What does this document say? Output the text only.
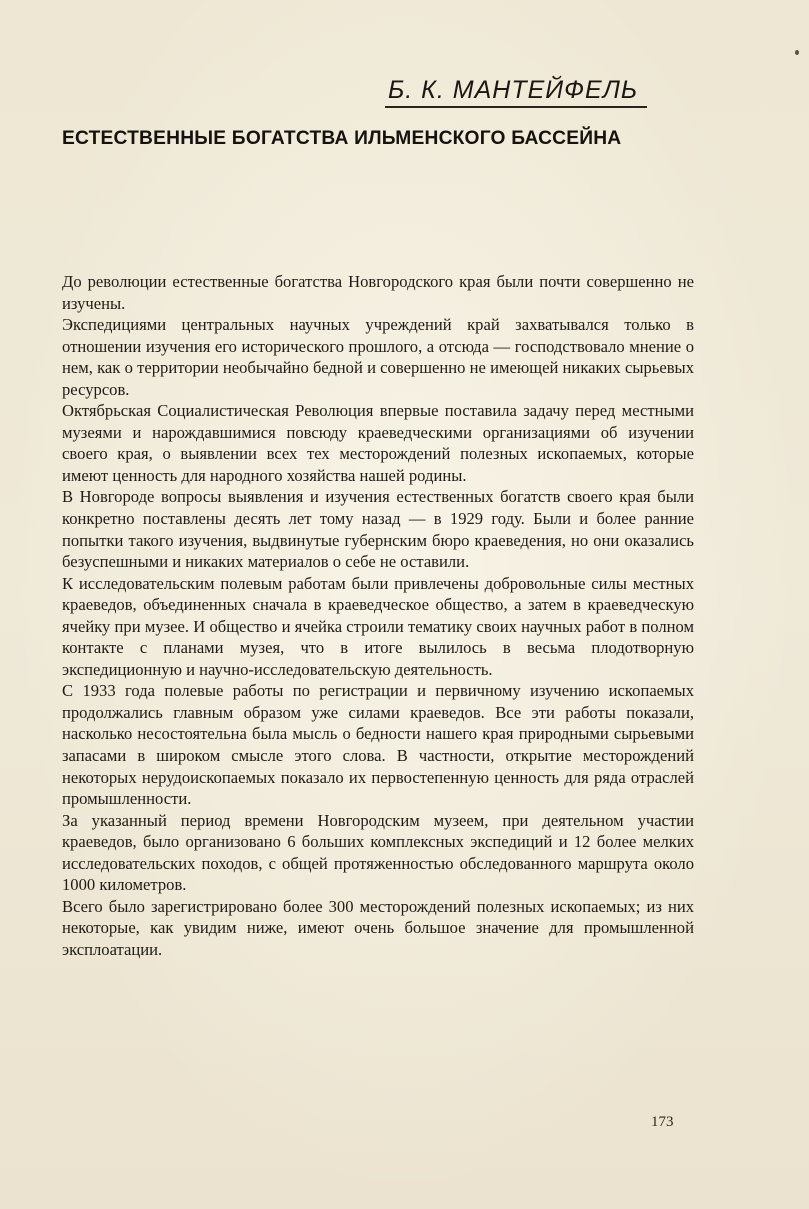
Б. К. МАНТЕЙФЕЛЬ
ЕСТЕСТВЕННЫЕ БОГАТСТВА ИЛЬМЕНСКОГО БАССЕЙНА

До революции естественные богатства Новгородского края были почти совершенно не изучены.

Экспедициями центральных научных учреждений край захватывался только в отношении изучения его исторического прошлого, а отсюда — господствовало мнение о нем, как о территории необычайно бедной и совершенно не имеющей никаких сырьевых ресурсов.

Октябрьская Социалистическая Революция впервые поставила задачу перед местными музеями и нарождавшимися повсюду краеведческими организациями об изучении своего края, о выявлении всех тех месторождений полезных ископаемых, которые имеют ценность для народного хозяйства нашей родины.

В Новгороде вопросы выявления и изучения естественных богатств своего края были конкретно поставлены десять лет тому назад — в 1929 году. Были и более ранние попытки такого изучения, выдвинутые губернским бюро краеведения, но они оказались безуспешными и никаких материалов о себе не оставили.

К исследовательским полевым работам были привлечены добровольные силы местных краеведов, объединенных сначала в краеведческое общество, а затем в краеведческую ячейку при музее. И общество и ячейка строили тематику своих научных работ в полном контакте с планами музея, что в итоге вылилось в весьма плодотворную экспедиционную и научно-исследовательскую деятельность.

С 1933 года полевые работы по регистрации и первичному изучению ископаемых продолжались главным образом уже силами краеведов. Все эти работы показали, насколько несостоятельна была мысль о бедности нашего края природными сырьевыми запасами в широком смысле этого слова. В частности, открытие месторождений некоторых нерудоископаемых показало их первостепенную ценность для ряда отраслей промышленности.

За указанный период времени Новгородским музеем, при деятельном участии краеведов, было организовано 6 больших комплексных экспедиций и 12 более мелких исследовательских походов, с общей протяженностью обследованного маршрута около 1000 километров.

Всего было зарегистрировано более 300 месторождений полезных ископаемых; из них некоторые, как увидим ниже, имеют очень большое значение для промышленной эксплоатации.

173
